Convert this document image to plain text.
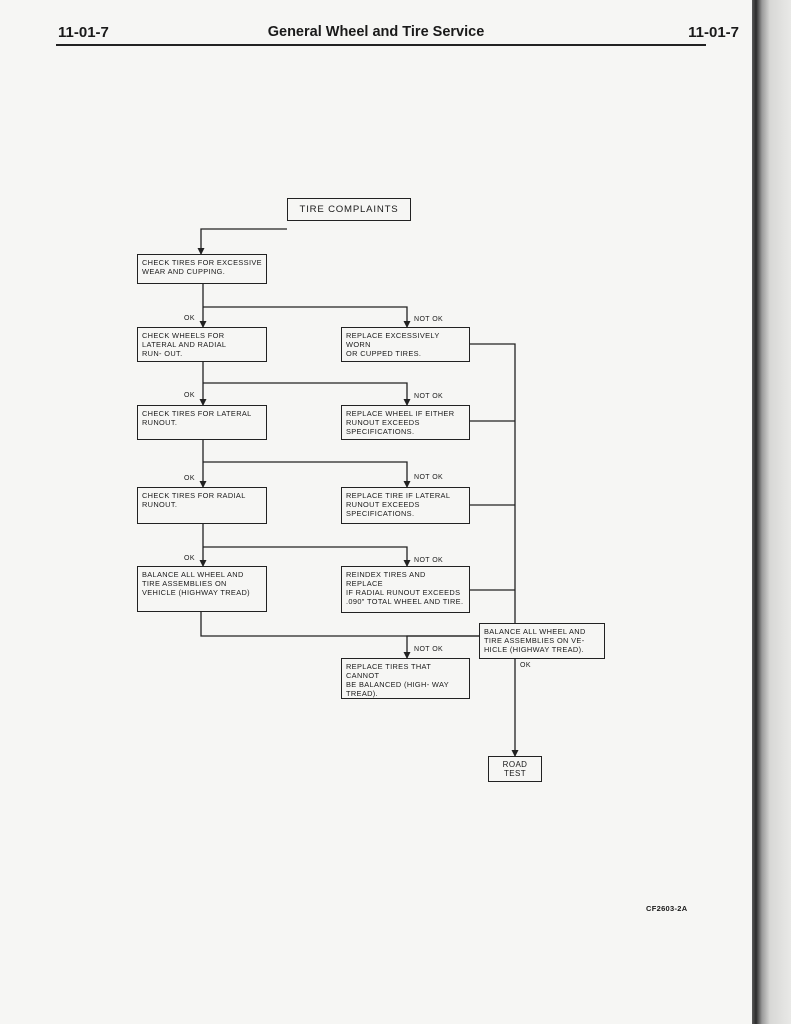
11-01-7	General Wheel and Tire Service	11-01-7
TIRE COMPLAINTS
CHECK TIRES FOR EXCESSIVE
WEAR AND CUPPING.
CHECK WHEELS FOR
LATERAL AND RADIAL
RUN- OUT.
CHECK TIRES FOR LATERAL
RUNOUT.
CHECK TIRES FOR RADIAL
RUNOUT.
BALANCE ALL WHEEL AND
TIRE ASSEMBLIES ON
VEHICLE (HIGHWAY TREAD)
REPLACE EXCESSIVELY WORN
OR CUPPED TIRES.
REPLACE WHEEL IF EITHER
RUNOUT EXCEEDS
SPECIFICATIONS.
REPLACE TIRE IF LATERAL
RUNOUT EXCEEDS
SPECIFICATIONS.
REINDEX TIRES AND REPLACE
IF RADIAL RUNOUT EXCEEDS
.090" TOTAL WHEEL AND TIRE.
REPLACE TIRES THAT CANNOT
BE BALANCED (HIGH- WAY
TREAD).
BALANCE ALL WHEEL AND
TIRE ASSEMBLIES ON VE-
HICLE (HIGHWAY TREAD).
ROAD TEST
OK
OK
OK
OK
OK
NOT OK
NOT OK
NOT OK
NOT OK
NOT OK
CF2603-2A
